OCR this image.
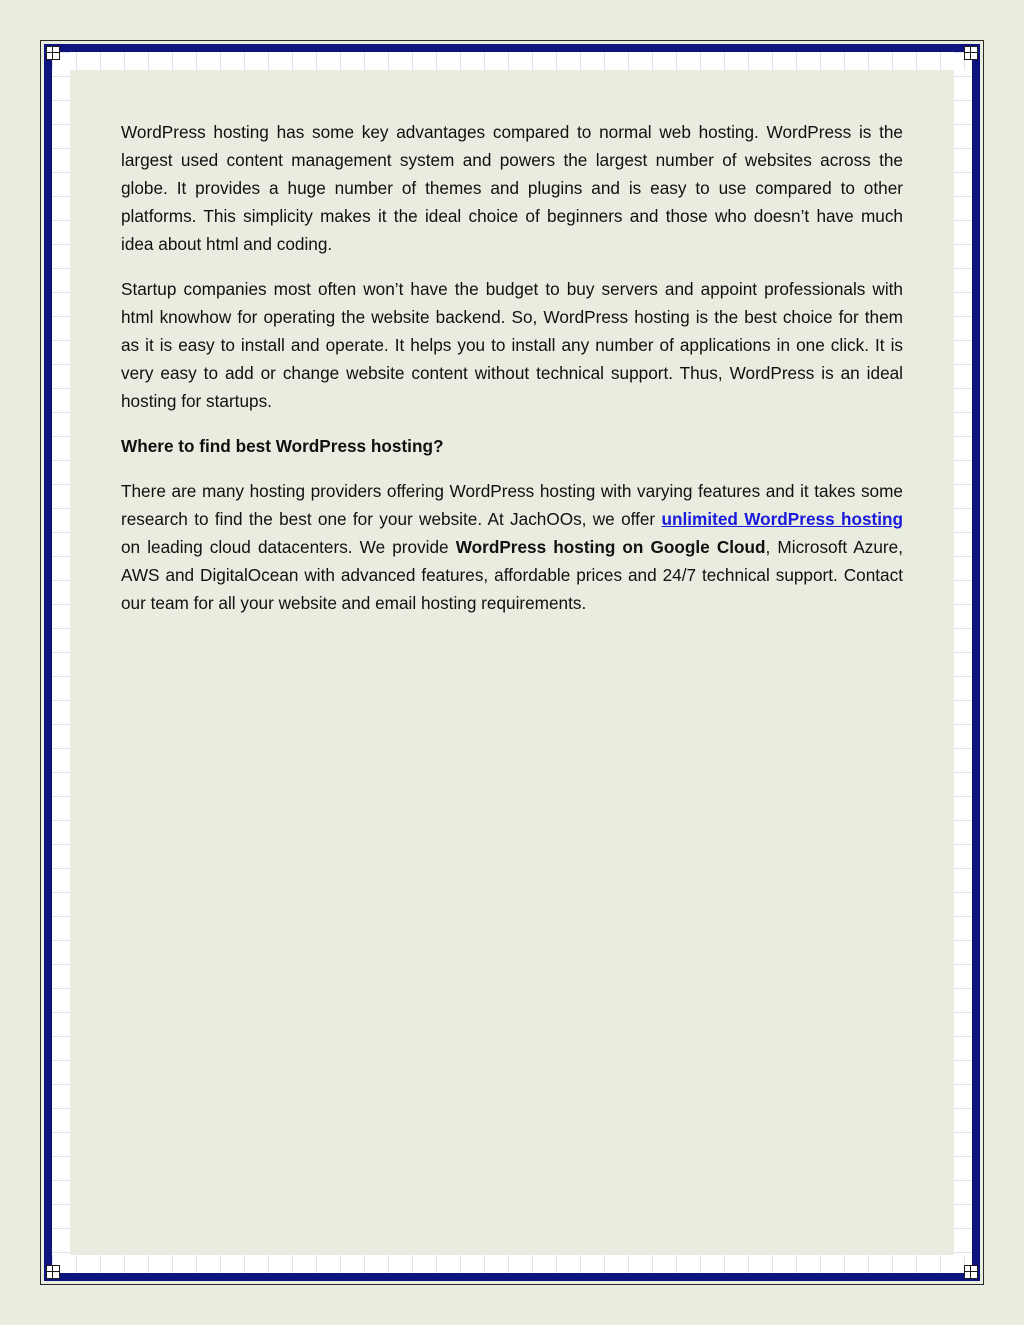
WordPress hosting has some key advantages compared to normal web hosting. WordPress is the largest used content management system and powers the largest number of websites across the globe. It provides a huge number of themes and plugins and is easy to use compared to other platforms. This simplicity makes it the ideal choice of beginners and those who doesn’t have much idea about html and coding.

Startup companies most often won’t have the budget to buy servers and appoint professionals with html knowhow for operating the website backend. So, WordPress hosting is the best choice for them as it is easy to install and operate. It helps you to install any number of applications in one click. It is very easy to add or change website content without technical support. Thus, WordPress is an ideal hosting for startups.

Where to find best WordPress hosting?

There are many hosting providers offering WordPress hosting with varying features and it takes some research to find the best one for your website. At JachOOs, we offer unlimited WordPress hosting on leading cloud datacenters. We provide WordPress hosting on Google Cloud, Microsoft Azure, AWS and DigitalOcean with advanced features, affordable prices and 24/7 technical support. Contact our team for all your website and email hosting requirements.
